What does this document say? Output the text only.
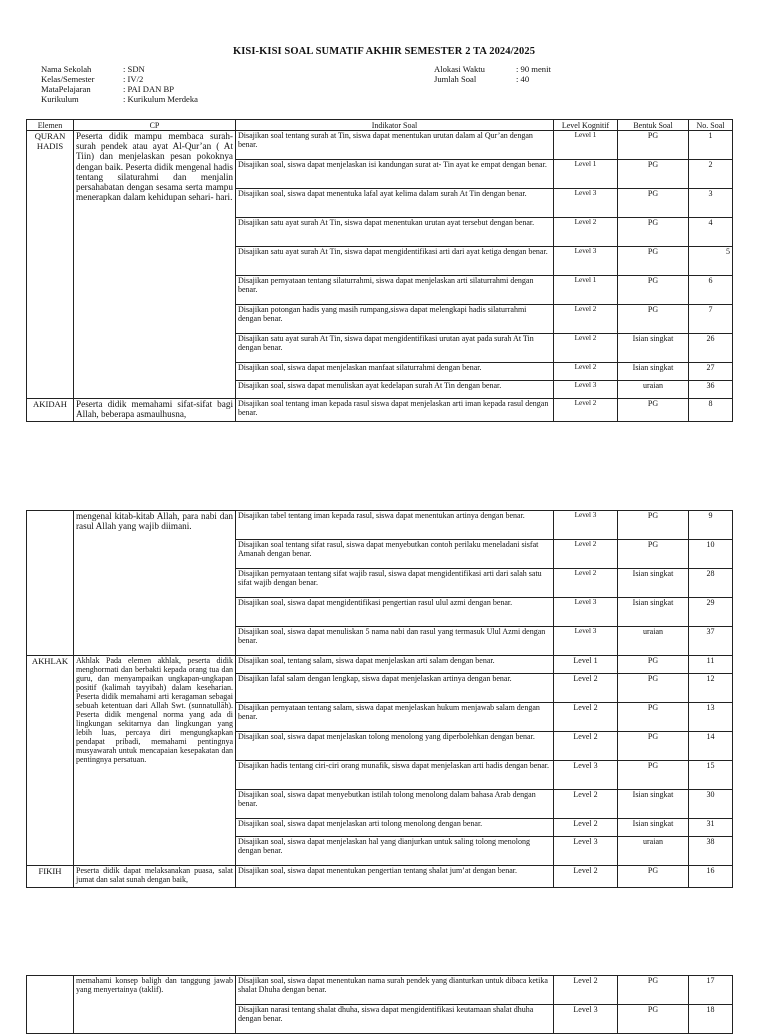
KISI-KISI SOAL SUMATIF AKHIR SEMESTER 2 TA 2024/2025
Nama Sekolah	: SDN
Kelas/Semester	: IV/2
MataPelajaran	: PAI DAN BP
Kurikulum	: Kurikulum Merdeka
Alokasi Waktu	: 90 menit
Jumlah Soal	: 40
Elemen	CP	Indikator Soal	Level Kognitif	Bentuk Soal	No. Soal
QURAN HADIS	Peserta didik mampu membaca surah-surah pendek atau ayat Al-Qur’an ( At Tiin) dan menjelaskan pesan pokoknya dengan baik. Peserta didik mengenal hadis tentang silaturahmi dan menjalin persahabatan dengan sesama serta mampu menerapkan dalam kehidupan sehari- hari.	Disajikan soal tentang surah at Tin, siswa dapat menentukan urutan dalam al Qur’an dengan benar.	Level 1	PG	1
		Disajikan soal, siswa dapat menjelaskan isi kandungan surat at- Tin ayat ke empat dengan benar.	Level 1	PG	2
		Disajikan soal, siswa dapat menentuka lafal ayat kelima dalam surah At Tin dengan benar.	Level 3	PG	3
		Disajikan satu ayat surah At Tin, siswa dapat menentukan urutan ayat tersebut dengan benar.	Level 2	PG	4
		Disajikan satu ayat surah At Tin, siswa dapat mengidentifikasi arti dari ayat ketiga dengan benar.	Level 3	PG	5
		Disajikan pernyataan tentang silaturrahmi, siswa dapat menjelaskan arti silaturrahmi dengan benar.	Level 1	PG	6
		Disajikan potongan hadis yang masih rumpang,siswa dapat melengkapi hadis silaturrahmi dengan benar.	Level 2	PG	7
		Disajikan satu ayat surah At Tin, siswa dapat mengidentifikasi urutan ayat pada surah At Tin dengan benar.	Level 2	Isian singkat	26
		Disajikan soal, siswa dapat menjelaskan manfaat silaturrahmi dengan benar.	Level 2	Isian singkat	27
		Disajikan soal, siswa dapat menuliskan ayat kedelapan surah At Tin dengan benar.	Level 3	uraian	36
AKIDAH	Peserta didik memahami sifat-sifat bagi Allah, beberapa asmaulhusna,	Disajikan soal tentang iman kepada rasul siswa dapat menjelaskan arti iman kepada rasul dengan benar.	Level 2	PG	8
	mengenal kitab-kitab Allah, para nabi dan rasul Allah yang wajib diimani.	Disajikan tabel tentang iman kepada rasul, siswa dapat menentukan artinya dengan benar.	Level 3	PG	9
		Disajikan soal tentang sifat rasul, siswa dapat menyebutkan contoh perilaku meneladani sisfat Amanah dengan benar.	Level 2	PG	10
		Disajikan pernyataan tentang sifat wajib rasul, siswa dapat mengidentifikasi arti dari salah satu sifat wajib dengan benar.	Level 2	Isian singkat	28
		Disajikan soal, siswa dapat mengidentifikasi pengertian rasul ulul azmi dengan benar.	Level 3	Isian singkat	29
		Disajikan soal, siswa dapat menuliskan 5 nama nabi dan rasul yang termasuk Ulul Azmi dengan benar.	Level 3	uraian	37
AKHLAK	Akhlak Pada elemen akhlak, peserta didik menghormati dan berbakti kepada orang tua dan guru, dan menyampaikan ungkapan-ungkapan positif (kalimah tayyibah) dalam keseharian. Peserta didik memahami arti keragaman sebagai sebuah ketentuan dari Allah Swt. (sunnatullāh). Peserta didik mengenal norma yang ada di lingkungan sekitarnya dan lingkungan yang lebih luas, percaya diri mengungkapkan pendapat pribadi, memahami pentingnya musyawarah untuk mencapaian kesepakatan dan pentingnya persatuan.	Disajikan soal, tentang salam, siswa dapat menjelaskan arti salam dengan benar.	Level 1	PG	11
		Disajikan lafal salam dengan lengkap, siswa dapat menjelaskan artinya dengan benar.	Level 2	PG	12
		Disajikan pernyataan tentang salam, siswa dapat menjelaskan hukum menjawab salam dengan benar.	Level 2	PG	13
		Disajikan soal, siswa dapat menjelaskan tolong menolong yang diperbolehkan dengan benar.	Level 2	PG	14
		Disajikan hadis tentang ciri-ciri orang munafik, siswa dapat menjelaskan arti hadis dengan benar.	Level 3	PG	15
		Disajikan soal, siswa dapat menyebutkan istilah tolong menolong dalam bahasa Arab dengan benar.	Level 2	Isian singkat	30
		Disajikan soal, siswa dapat menjelaskan arti tolong menolong dengan benar.	Level 2	Isian singkat	31
		Disajikan soal, siswa dapat menjelaskan hal yang dianjurkan untuk saling tolong menolong dengan benar.	Level 3	uraian	38
FIKIH	Peserta didik dapat melaksanakan puasa, salat jumat dan salat sunah dengan baik,	Disajikan soal, siswa dapat menentukan pengertian tentang shalat jum’at dengan benar.	Level 2	PG	16
	memahami konsep baligh dan tanggung jawab yang menyertainya (taklif).	Disajikan soal, siswa dapat menentukan nama surah pendek yang dianturkan untuk dibaca ketika shalat Dhuha dengan benar.	Level 2	PG	17
		Disajikan narasi tentang shalat dhuha, siswa dapat mengidentifikasi keutamaan shalat dhuha dengan benar.	Level 3	PG	18
